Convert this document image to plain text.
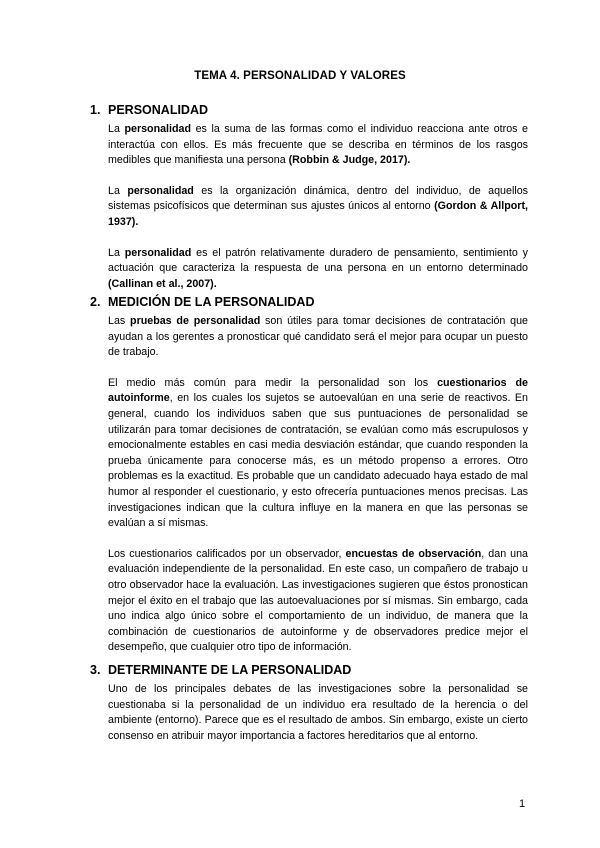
TEMA 4. PERSONALIDAD Y VALORES
1. PERSONALIDAD

La personalidad es la suma de las formas como el individuo reacciona ante otros e interactúa con ellos. Es más frecuente que se describa en términos de los rasgos medibles que manifiesta una persona (Robbin & Judge, 2017).

La personalidad es la organización dinámica, dentro del individuo, de aquellos sistemas psicofísicos que determinan sus ajustes únicos al entorno (Gordon & Allport, 1937).

La personalidad es el patrón relativamente duradero de pensamiento, sentimiento y actuación que caracteriza la respuesta de una persona en un entorno determinado (Callinan et al., 2007).

2. MEDICIÓN DE LA PERSONALIDAD

Las pruebas de personalidad son útiles para tomar decisiones de contratación que ayudan a los gerentes a pronosticar qué candidato será el mejor para ocupar un puesto de trabajo.

El medio más común para medir la personalidad son los cuestionarios de autoinforme, en los cuales los sujetos se autoevalúan en una serie de reactivos. En general, cuando los individuos saben que sus puntuaciones de personalidad se utilizarán para tomar decisiones de contratación, se evalúan como más escrupulosos y emocionalmente estables en casi media desviación estándar, que cuando responden la prueba únicamente para conocerse más, es un método propenso a errores. Otro problemas es la exactitud. Es probable que un candidato adecuado haya estado de mal humor al responder el cuestionario, y esto ofrecería puntuaciones menos precisas. Las investigaciones indican que la cultura influye en la manera en que las personas se evalúan a sí mismas.

Los cuestionarios calificados por un observador, encuestas de observación, dan una evaluación independiente de la personalidad. En este caso, un compañero de trabajo u otro observador hace la evaluación. Las investigaciones sugieren que éstos pronostican mejor el éxito en el trabajo que las autoevaluaciones por sí mismas. Sin embargo, cada uno indica algo único sobre el comportamiento de un individuo, de manera que la combinación de cuestionarios de autoinforme y de observadores predice mejor el desempeño, que cualquier otro tipo de información.

3. DETERMINANTE DE LA PERSONALIDAD

Uno de los principales debates de las investigaciones sobre la personalidad se cuestionaba si la personalidad de un individuo era resultado de la herencia o del ambiente (entorno). Parece que es el resultado de ambos. Sin embargo, existe un cierto consenso en atribuir mayor importancia a factores hereditarios que al entorno.

1
